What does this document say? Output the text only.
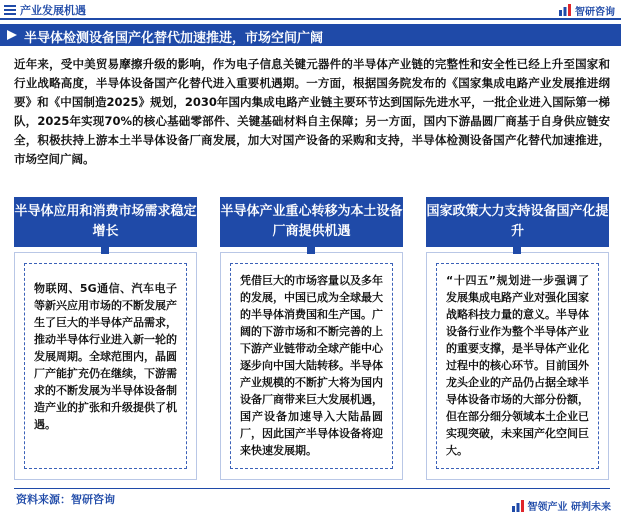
产业发展机遇	智研咨询
半导体检测设备国产化替代加速推进，市场空间广阔
近年来，受中美贸易摩擦升级的影响，作为电子信息关键元器件的半导体产业链的完整性和安全性已经上升至国家和行业战略高度，半导体设备国产化替代进入重要机遇期。一方面，根据国务院发布的《国家集成电路产业发展推进纲要》和《中国制造2025》规划，2030年国内集成电路产业链主要环节达到国际先进水平，一批企业进入国际第一梯队，2025年实现70%的核心基础零部件、关键基础材料自主保障；另一方面，国内下游晶圆厂商基于自身供应链安全，积极扶持上游本土半导体设备厂商发展，加大对国产设备的采购和支持，半导体检测设备国产化替代加速推进，市场空间广阔。
半导体应用和消费市场需求稳定增长
半导体产业重心转移为本土设备厂商提供机遇
国家政策大力支持设备国产化提升

物联网、5G通信、汽车电子等新兴应用市场的不断发展产生了巨大的半导体产品需求，推动半导体行业进入新一轮的发展周期。全球范围内，晶圆厂产能扩充仍在继续，下游需求的不断发展为半导体设备制造产业的扩张和升级提供了机遇。

凭借巨大的市场容量以及多年的发展，中国已成为全球最大的半导体消费国和生产国。广阔的下游市场和不断完善的上下游产业链带动全球产能中心逐步向中国大陆转移。半导体产业规模的不断扩大将为国内设备厂商带来巨大发展机遇，国产设备加速导入大陆晶圆厂，因此国产半导体设备将迎来快速发展期。

“十四五”规划进一步强调了发展集成电路产业对强化国家战略科技力量的意义。半导体设备行业作为整个半导体产业的重要支撑，是半导体产业化过程中的核心环节。目前国外龙头企业的产品仍占据全球半导体设备市场的大部分份额，但在部分细分领域本土企业已实现突破，未来国产化空间巨大。

资料来源：智研咨询
智领产业 研判未来
